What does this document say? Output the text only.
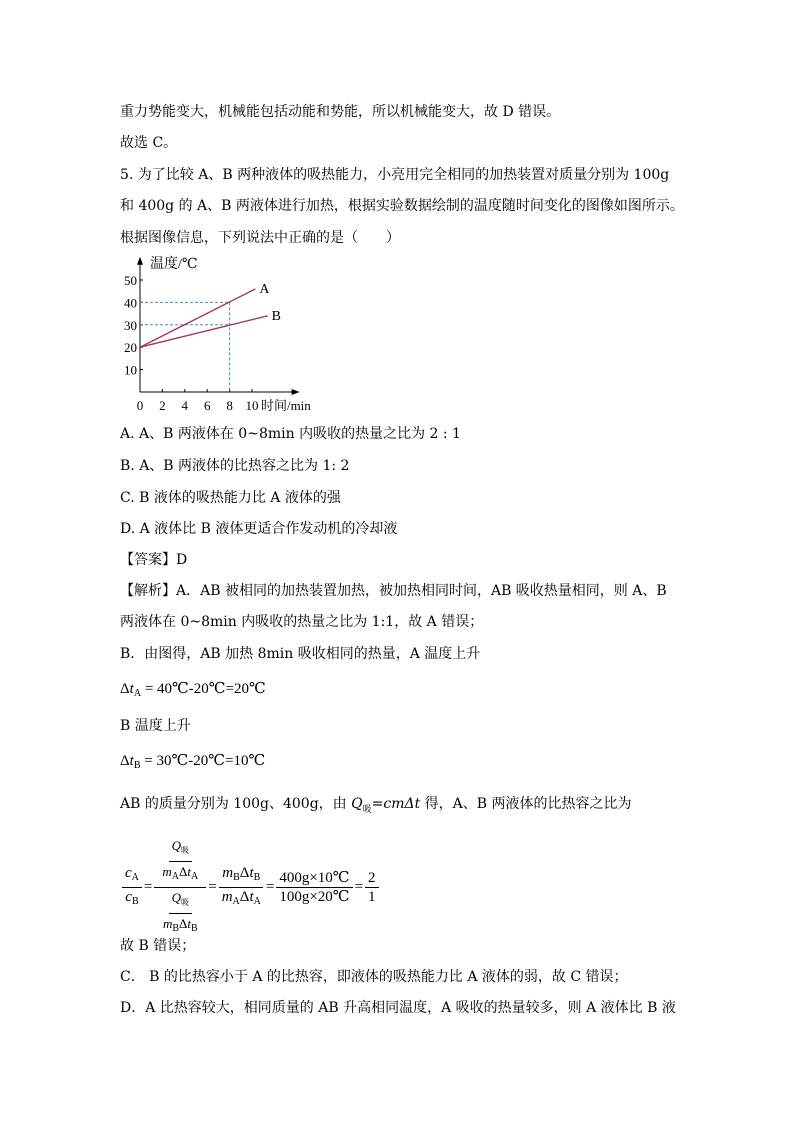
重力势能变大，机械能包括动能和势能，所以机械能变大，故 D 错误。

故选 C。

5. 为了比较 A、B 两种液体的吸热能力，小亮用完全相同的加热装置对质量分别为 100g

和 400g 的 A、B 两液体进行加热，根据实验数据绘制的温度随时间变化的图像如图所示。

根据图像信息，下列说法中正确的是（　　）

0 2 4 6 8 10
10
20
30
40
50
A
B
温度/℃
时间/min

A. A、B 两液体在 0~8min 内吸收的热量之比为 2 : 1

B. A、B 两液体的比热容之比为 1: 2

C. B 液体的吸热能力比 A 液体的强

D. A 液体比 B 液体更适合作发动机的冷却液

【答案】D

【解析】A．AB 被相同的加热装置加热，被加热相同时间，AB 吸收热量相同，则 A、B

两液体在 0~8min 内吸收的热量之比为 1:1，故 A 错误；

B．由图得，AB 加热 8min 吸收相同的热量，A 温度上升

$\Delta t_A$ = 40℃-20℃=20℃

B 温度上升

$\Delta t_B$ = 30℃-20℃=10℃

AB 的质量分别为 100g、400g，由 $Q_吸=cm\Delta t$ 得，A、B 两液体的比热容之比为

$\frac{c_A}{c_B} = \frac{\frac{Q_吸}{m_A\Delta t_A}}{\frac{Q_吸}{m_B\Delta t_B}} = \frac{m_B\Delta t_B}{m_A\Delta t_A} = \frac{400g\times 10℃}{100g\times 20℃} = \frac{2}{1}$

故 B 错误；

C． B 的比热容小于 A 的比热容，即液体的吸热能力比 A 液体的弱，故 C 错误；

D．A 比热容较大，相同质量的 AB 升高相同温度，A 吸收的热量较多，则 A 液体比 B 液
